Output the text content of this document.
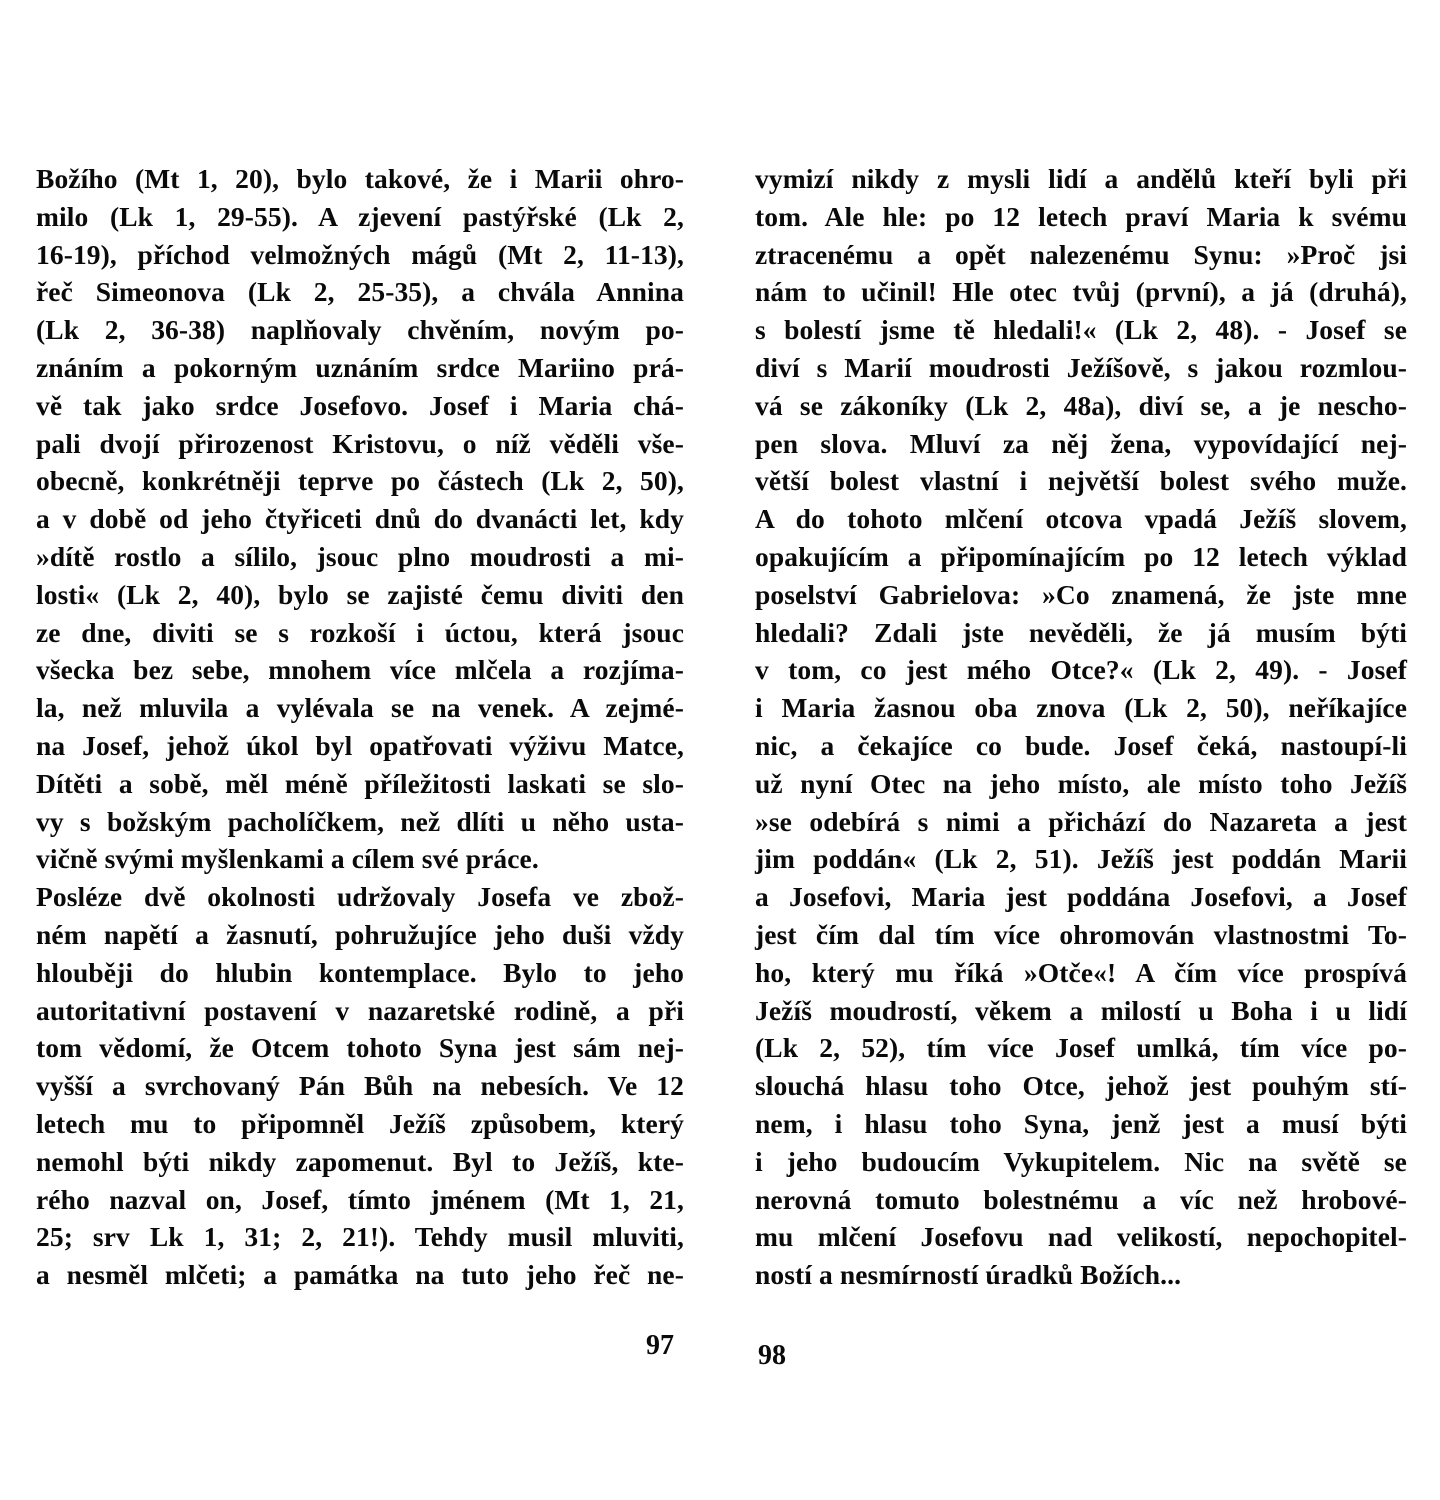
Božího (Mt 1, 20), bylo takové, že i Marii ohro-
milo (Lk 1, 29-55). A zjevení pastýřské (Lk 2,
16-19), příchod velmožných mágů (Mt 2, 11-13),
řeč Simeonova (Lk 2, 25-35), a chvála Annina
(Lk 2, 36-38) naplňovaly chvěním, novým po-
znáním a pokorným uznáním srdce Mariino prá-
vě tak jako srdce Josefovo. Josef i Maria chá-
pali dvojí přirozenost Kristovu, o níž věděli vše-
obecně, konkrétněji teprve po částech (Lk 2, 50),
a v době od jeho čtyřiceti dnů do dvanácti let, kdy
»dítě rostlo a sílilo, jsouc plno moudrosti a mi-
losti« (Lk 2, 40), bylo se zajisté čemu diviti den
ze dne, diviti se s rozkoší i úctou, která jsouc
všecka bez sebe, mnohem více mlčela a rozjíma-
la, než mluvila a vylévala se na venek. A zejmé-
na Josef, jehož úkol byl opatřovati výživu Matce,
Dítěti a sobě, měl méně příležitosti laskati se slo-
vy s božským pacholíčkem, než dlíti u něho usta-
vičně svými myšlenkami a cílem své práce.
Posléze dvě okolnosti udržovaly Josefa ve zbož-
ném napětí a žasnutí, pohružujíce jeho duši vždy
hlouběji do hlubin kontemplace. Bylo to jeho
autoritativní postavení v nazaretské rodině, a při
tom vědomí, že Otcem tohoto Syna jest sám nej-
vyšší a svrchovaný Pán Bůh na nebesích. Ve 12
letech mu to připomněl Ježíš způsobem, který
nemohl býti nikdy zapomenut. Byl to Ježíš, kte-
rého nazval on, Josef, tímto jménem (Mt 1, 21,
25; srv Lk 1, 31; 2, 21!). Tehdy musil mluviti,
a nesměl mlčeti; a památka na tuto jeho řeč ne-
vymizí nikdy z mysli lidí a andělů kteří byli při
tom. Ale hle: po 12 letech praví Maria k svému
ztracenému a opět nalezenému Synu: »Proč jsi
nám to učinil! Hle otec tvůj (první), a já (druhá),
s bolestí jsme tě hledali!« (Lk 2, 48). - Josef se
diví s Marií moudrosti Ježíšově, s jakou rozmlou-
vá se zákoníky (Lk 2, 48a), diví se, a je nescho-
pen slova. Mluví za něj žena, vypovídající nej-
větší bolest vlastní i největší bolest svého muže.
A do tohoto mlčení otcova vpadá Ježíš slovem,
opakujícím a připomínajícím po 12 letech výklad
poselství Gabrielova: »Co znamená, že jste mne
hledali? Zdali jste nevěděli, že já musím býti
v tom, co jest mého Otce?« (Lk 2, 49). - Josef
i Maria žasnou oba znova (Lk 2, 50), neříkajíce
nic, a čekajíce co bude. Josef čeká, nastoupí-li
už nyní Otec na jeho místo, ale místo toho Ježíš
»se odebírá s nimi a přichází do Nazareta a jest
jim poddán« (Lk 2, 51). Ježíš jest poddán Marii
a Josefovi, Maria jest poddána Josefovi, a Josef
jest čím dal tím více ohromován vlastnostmi To-
ho, který mu říká »Otče«! A čím více prospívá
Ježíš moudrostí, věkem a milostí u Boha i u lidí
(Lk 2, 52), tím více Josef umlká, tím více po-
slouchá hlasu toho Otce, jehož jest pouhým stí-
nem, i hlasu toho Syna, jenž jest a musí býti
i jeho budoucím Vykupitelem. Nic na světě se
nerovná tomuto bolestnému a víc než hrobové-
mu mlčení Josefovu nad velikostí, nepochopitel-
ností a nesmírností úradků Božích...
97	98
